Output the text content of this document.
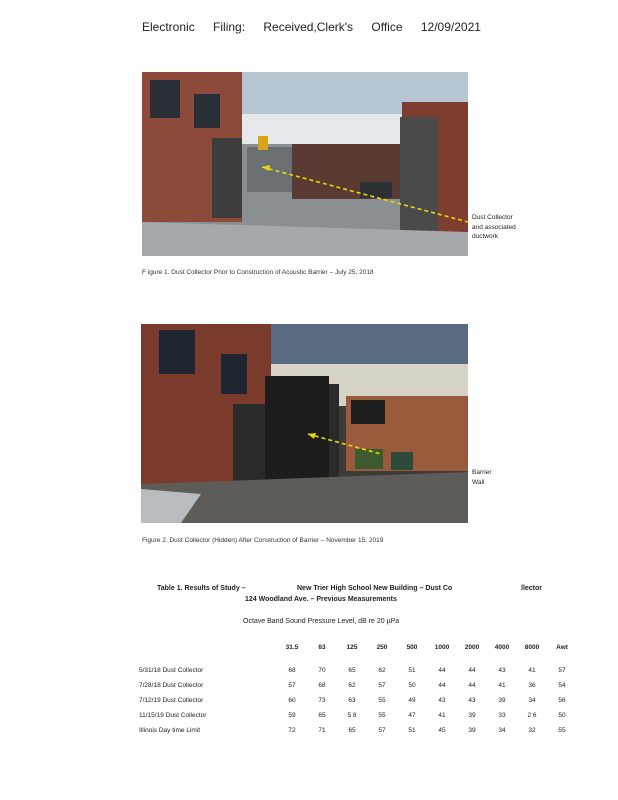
Electronic Filing: Received,Clerk's Office 12/09/2021
Dust Collector
and associated
ductwork
F igure 1. Dust Collector Prior to Construction of Acoustic Barrier – July 25, 2018
Barrier
Wall
Figure 2. Dust Collector (Hidden) After Construction of Barrier – November 15, 2019
Table 1. Results of Study –	New Trier High School New Building – Dust Co	llector
124 Woodland Ave. – Previous Measurements
Octave Band Sound Pressure Level, dB re 20 µPa
	31.5	63	125	250	500	1000	2000	4000	8000	Awt

5/31/18 Dust Collector	68	70	65	62	51	44	44	43	41	57
7/28/18 Dust Collector	57	68	62	57	50	44	44	41	36	54
7/12/19 Dust Collector	60	73	63	55	49	43	43	39	34	56
11/15/19 Dust Collector	59	65	5 8	55	47	41	39	33	2 6	50
Illinois Day time Limit	72	71	65	57	51	45	39	34	32	55
